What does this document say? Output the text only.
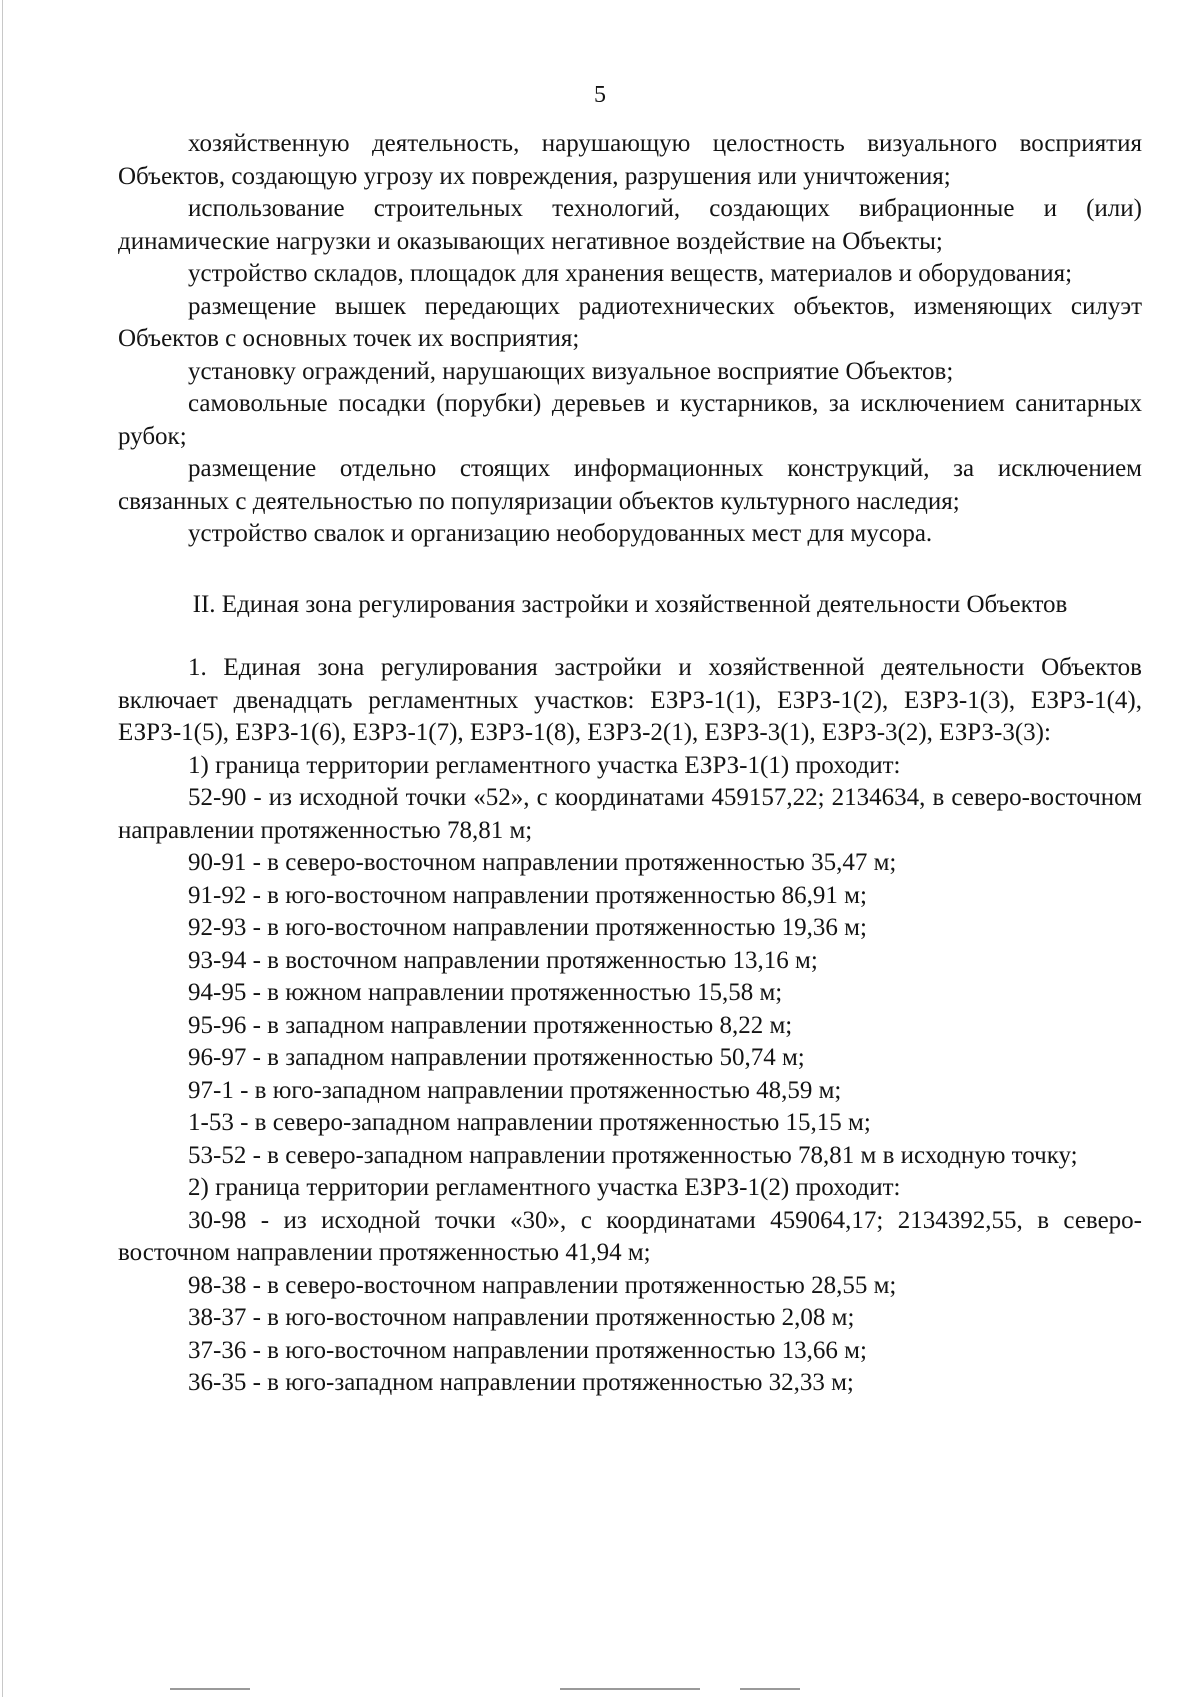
5

хозяйственную деятельность, нарушающую целостность визуального восприятия Объектов, создающую угрозу их повреждения, разрушения или уничтожения;

использование строительных технологий, создающих вибрационные и (или) динамические нагрузки и оказывающих негативное воздействие на Объекты;

устройство складов, площадок для хранения веществ, материалов и оборудования;

размещение вышек передающих радиотехнических объектов, изменяющих силуэт Объектов с основных точек их восприятия;

установку ограждений, нарушающих визуальное восприятие Объектов;

самовольные посадки (порубки) деревьев и кустарников, за исключением санитарных рубок;

размещение отдельно стоящих информационных конструкций, за исключением связанных с деятельностью по популяризации объектов культурного наследия;

устройство свалок и организацию необорудованных мест для мусора.

II. Единая зона регулирования застройки и хозяйственной деятельности Объектов

1. Единая зона регулирования застройки и хозяйственной деятельности Объектов включает двенадцать регламентных участков: ЕЗРЗ-1(1), ЕЗРЗ-1(2), ЕЗРЗ-1(3), ЕЗРЗ-1(4), ЕЗРЗ-1(5), ЕЗРЗ-1(6), ЕЗРЗ-1(7), ЕЗРЗ-1(8), ЕЗРЗ-2(1), ЕЗРЗ-3(1), ЕЗРЗ-3(2), ЕЗРЗ-3(3):

1) граница территории регламентного участка ЕЗРЗ-1(1) проходит:

52-90 - из исходной точки «52», с координатами 459157,22; 2134634, в северо-восточном направлении протяженностью 78,81 м;

90-91 - в северо-восточном направлении протяженностью 35,47 м;

91-92 - в юго-восточном направлении протяженностью 86,91 м;

92-93 - в юго-восточном направлении протяженностью 19,36 м;

93-94 - в восточном направлении протяженностью 13,16 м;

94-95 - в южном направлении протяженностью 15,58 м;

95-96 - в западном направлении протяженностью 8,22 м;

96-97 - в западном направлении протяженностью 50,74 м;

97-1 - в юго-западном направлении протяженностью 48,59 м;

1-53 - в северо-западном направлении протяженностью 15,15 м;

53-52 - в северо-западном направлении протяженностью 78,81 м в исходную точку;

2) граница территории регламентного участка ЕЗРЗ-1(2) проходит:

30-98 - из исходной точки «30», с координатами 459064,17; 2134392,55, в северо-восточном направлении протяженностью 41,94 м;

98-38 - в северо-восточном направлении протяженностью 28,55 м;

38-37 - в юго-восточном направлении протяженностью 2,08 м;

37-36 - в юго-восточном направлении протяженностью 13,66 м;

36-35 - в юго-западном направлении протяженностью 32,33 м;
